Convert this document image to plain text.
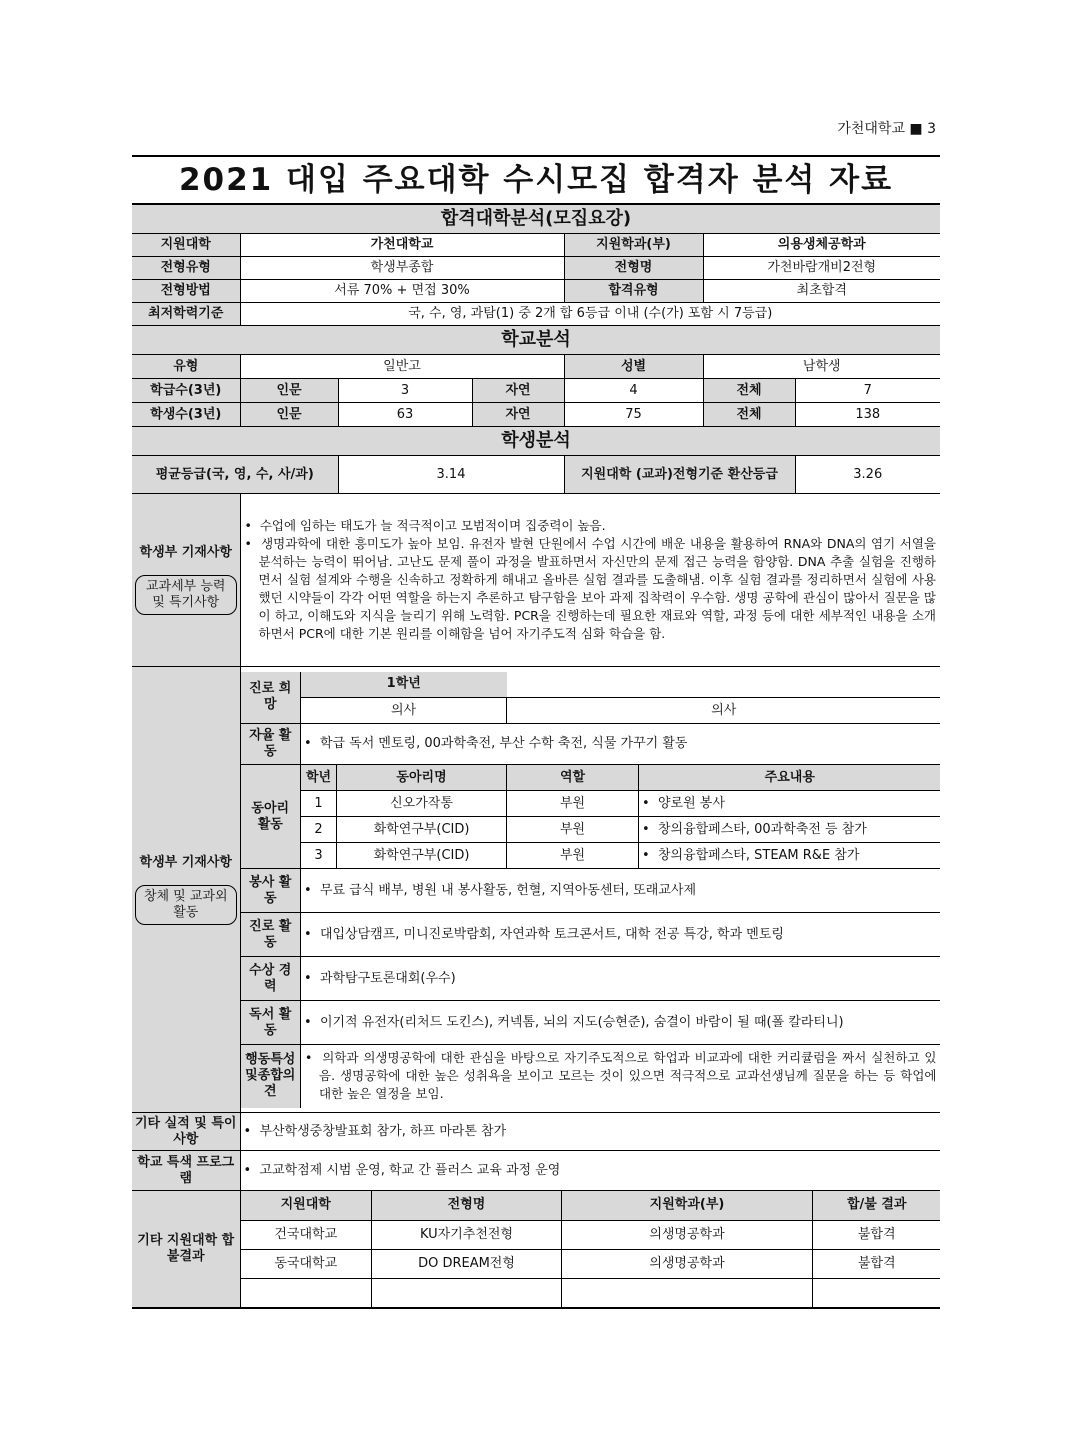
가천대학교 ■ 3
2021 대입 주요대학 수시모집 합격자 분석 자료
합격대학분석(모집요강)
지원대학	가천대학교	지원학과(부)	의용생체공학과
전형유형	학생부종합	전형명	가천바람개비2전형
전형방법	서류 70% + 면접 30%	합격유형	최초합격
최저학력기준	국, 수, 영, 과탐(1) 중 2개 합 6등급 이내 (수(가) 포함 시 7등급)
학교분석
유형	일반고	성별	남학생
학급수(3년)	인문	3	자연	4	전체	7
학생수(3년)	인문	63	자연	75	전체	138
학생분석
평균등급(국, 영, 수, 사/과)	3.14	지원대학 (교과)전형기준 환산등급	3.26

학생부 기재사항
교과세부 능력 및 특기사항	

•  수업에 임하는 태도가 늘 적극적이고 모범적이며 집중력이 높음.

•  생명과학에 대한 흥미도가 높아 보임. 유전자 발현 단원에서 수업 시간에 배운 내용을 활용하여 RNA와 DNA의 염기 서열을 분석하는 능력이 뛰어남. 고난도 문제 풀이 과정을 발표하면서 자신만의 문제 접근 능력을 함양함. DNA 추출 실험을 진행하면서 실험 설계와 수행을 신속하고 정확하게 해내고 올바른 실험 결과를 도출해냄. 이후 실험 결과를 정리하면서 실험에 사용했던 시약들이 각각 어떤 역할을 하는지 추론하고 탐구함을 보아 과제 집착력이 우수함. 생명 공학에 관심이 많아서 질문을 많이 하고, 이해도와 지식을 늘리기 위해 노력함. PCR을 진행하는데 필요한 재료와 역할, 과정 등에 대한 세부적인 내용을 소개하면서 PCR에 대한 기본 원리를 이해함을 넘어 자기주도적 심화 학습을 함.

학생부 기재사항
창체 및 교과외 활동	
진로 희망	1학년
의사	의사
자율 활동	•  학급 독서 멘토링, 00과학축전, 부산 수학 축전, 식물 가꾸기 활동
동아리 활동	학년	동아리명	역할	주요내용
1	신오가작통	부원	•  양로원 봉사
2	화학연구부(CID)	부원	•  창의융합페스타, 00과학축전 등 참가
3	화학연구부(CID)	부원	•  창의융합페스타, STEAM R&E 참가
봉사 활동	•  무료 급식 배부, 병원 내 봉사활동, 헌혈, 지역아동센터, 또래교사제
진로 활동	•  대입상담캠프, 미니진로박람회, 자연과학 토크콘서트, 대학 전공 특강, 학과 멘토링
수상 경력	•  과학탐구토론대회(우수)
독서 활동	•  이기적 유전자(리처드 도킨스), 커넥톰, 뇌의 지도(승현준), 숨결이 바람이 될 때(폴 칼라티니)
행동특성및종합의견	

•  의학과 의생명공학에 대한 관심을 바탕으로 자기주도적으로 학업과 비교과에 대한 커리큘럼을 짜서 실천하고 있음. 생명공학에 대한 높은 성취욕을 보이고 모르는 것이 있으면 적극적으로 교과선생님께 질문을 하는 등 학업에 대한 높은 열정을 보임.

기타 실적 및 특이사항	•  부산학생중창발표회 참가, 하프 마라톤 참가
학교 특색 프로그램	•  고교학점제 시범 운영, 학교 간 플러스 교육 과정 운영
기타 지원대학 합불결과	
지원대학	전형명	지원학과(부)	합/불 결과
건국대학교	KU자기추천전형	의생명공학과	불합격
동국대학교	DO DREAM전형	의생명공학과	불합격
